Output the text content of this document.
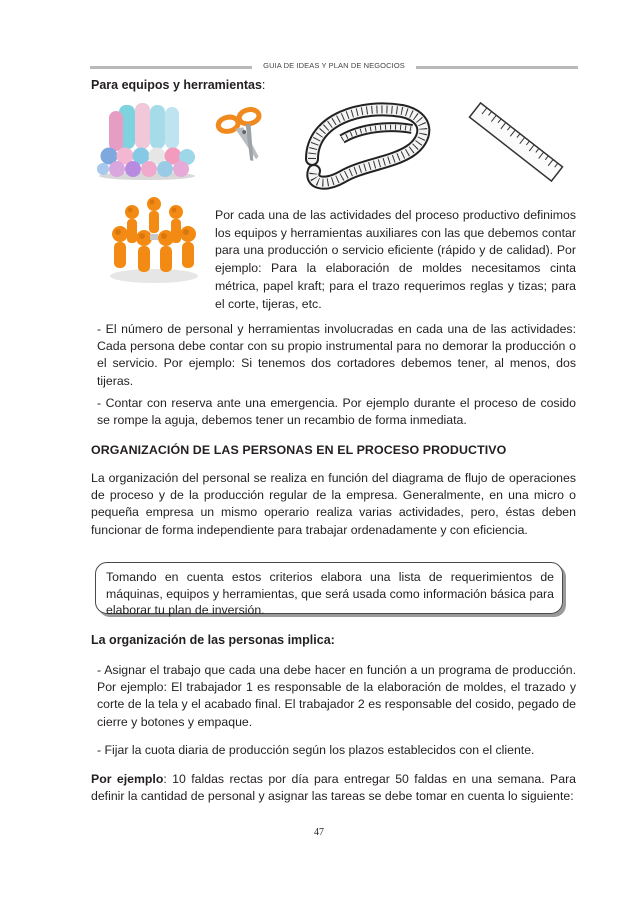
GUIA DE IDEAS Y PLAN DE NEGOCIOS
Para equipos y herramientas:
Por cada una de las actividades del proceso productivo definimos los equipos y herramientas auxiliares con las que debemos contar para una producción o servicio eficiente (rápido y de calidad). Por ejemplo: Para la elaboración de moldes necesitamos cinta métrica, papel kraft; para el trazo requerimos reglas y tizas; para el corte, tijeras, etc.
- El número de personal y herramientas involucradas en cada una de las actividades: Cada persona debe contar con su propio instrumental para no demorar la producción o el servicio. Por ejemplo: Si tenemos dos cortadores debemos tener, al menos, dos tijeras.
- Contar con reserva ante una emergencia. Por ejemplo durante el proceso de cosido se rompe la aguja, debemos tener un recambio de forma inmediata.
ORGANIZACIÓN DE LAS PERSONAS EN EL PROCESO PRODUCTIVO
La organización del personal se realiza en función del diagrama de flujo de operaciones de proceso y de la producción regular de la empresa. Generalmente, en una micro o pequeña empresa un mismo operario realiza varias actividades, pero, éstas deben funcionar de forma independiente para trabajar ordenadamente y con eficiencia.
Tomando en cuenta estos criterios elabora una lista de requerimientos de máquinas, equipos y herramientas, que será usada como información básica para elaborar tu plan de inversión.
La organización de las personas implica:
- Asignar el trabajo que cada una debe hacer en función a un programa de producción. Por ejemplo: El trabajador 1 es responsable de la elaboración de moldes, el trazado y corte de la tela y el acabado final. El trabajador 2 es responsable del cosido, pegado de cierre y botones y empaque.
- Fijar la cuota diaria de producción según los plazos establecidos con el cliente.
Por ejemplo: 10 faldas rectas por día para entregar 50 faldas en una semana. Para definir la cantidad de personal y asignar las tareas se debe tomar en cuenta lo siguiente:
47
